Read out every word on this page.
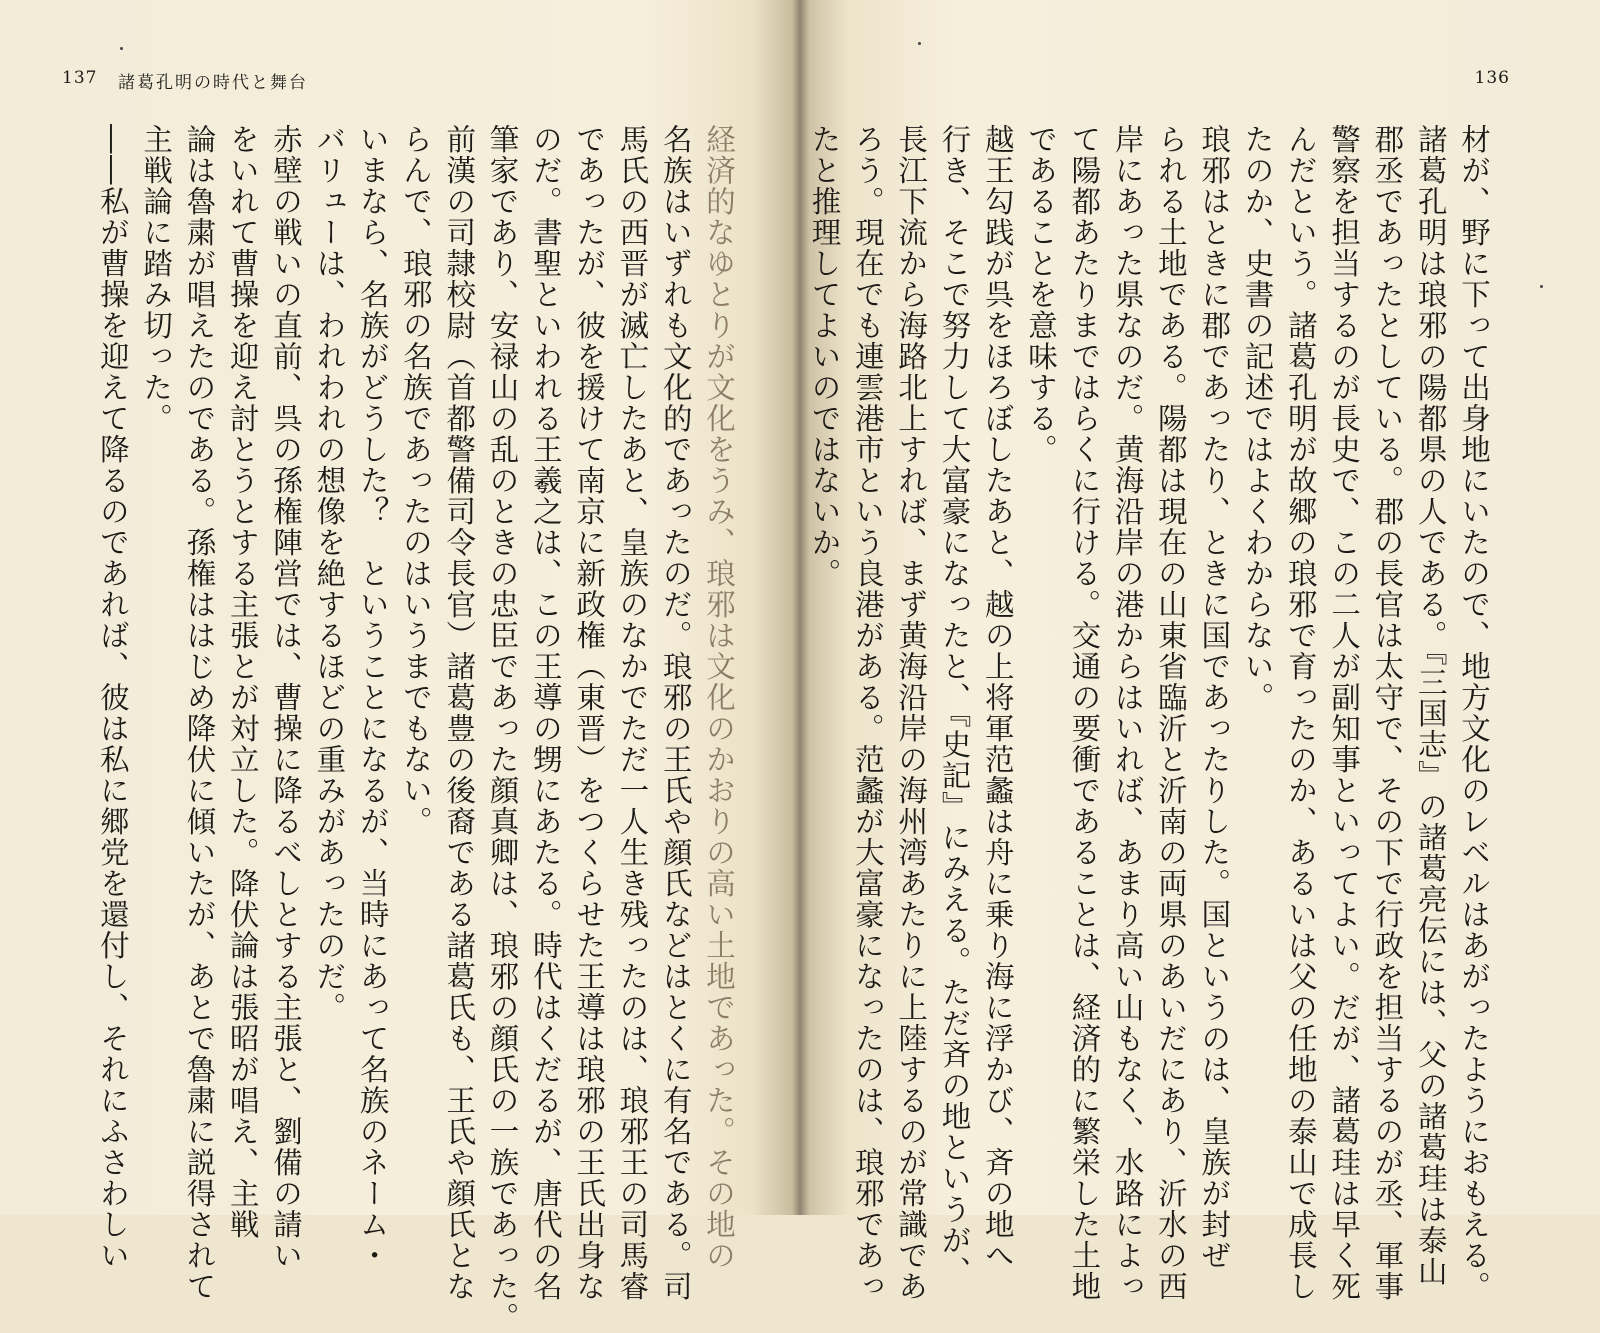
137 諸葛孔明の時代と舞台
経済的なゆとりが文化をうみ、琅邪は文化のかおりの高い土地であった。その地の
名族はいずれも文化的であったのだ。琅邪の王氏や顔氏などはとくに有名である。司
馬氏の西晋が滅亡したあと、皇族のなかでただ一人生き残ったのは、琅邪王の司馬睿
であったが、彼を援けて南京に新政権（東晋）をつくらせた王導は琅邪の王氏出身な
のだ。書聖といわれる王羲之は、この王導の甥にあたる。時代はくだるが、唐代の名
筆家であり、安禄山の乱のときの忠臣であった顔真卿は、琅邪の顔氏の一族であった。
前漢の司隷校尉（首都警備司令長官）諸葛豊の後裔である諸葛氏も、王氏や顔氏とな
らんで、琅邪の名族であったのはいうまでもない。
いまなら、名族がどうした？　ということになるが、当時にあって名族のネーム・
バリューは、われわれの想像を絶するほどの重みがあったのだ。
赤壁の戦いの直前、呉の孫権陣営では、曹操に降るべしとする主張と、劉備の請い
をいれて曹操を迎え討とうとする主張とが対立した。降伏論は張昭が唱え、主戦
論は魯粛が唱えたのである。孫権ははじめ降伏に傾いたが、あとで魯粛に説得されて
主戦論に踏み切った。
――私が曹操を迎えて降るのであれば、彼は私に郷党を還付し、それにふさわしい
136
材が、野に下って出身地にいたので、地方文化のレベルはあがったようにおもえる。
諸葛孔明は琅邪の陽都県の人である。『三国志』の諸葛亮伝には、父の諸葛珪は泰山
郡丞であったとしている。郡の長官は太守で、その下で行政を担当するのが丞、軍事
警察を担当するのが長史で、この二人が副知事といってよい。だが、諸葛珪は早く死
んだという。諸葛孔明が故郷の琅邪で育ったのか、あるいは父の任地の泰山で成長し
たのか、史書の記述ではよくわからない。
琅邪はときに郡であったり、ときに国であったりした。国というのは、皇族が封ぜ
られる土地である。陽都は現在の山東省臨沂と沂南の両県のあいだにあり、沂水の西
岸にあった県なのだ。黄海沿岸の港からはいれば、あまり高い山もなく、水路によっ
て陽都あたりまではらくに行ける。交通の要衝であることは、経済的に繁栄した土地
であることを意味する。
越王勾践が呉をほろぼしたあと、越の上将軍范蠡は舟に乗り海に浮かび、斉の地へ
行き、そこで努力して大富豪になったと、『史記』にみえる。ただ斉の地というが、
長江下流から海路北上すれば、まず黄海沿岸の海州湾あたりに上陸するのが常識であ
ろう。現在でも連雲港市という良港がある。范蠡が大富豪になったのは、琅邪であっ
たと推理してよいのではないか。
